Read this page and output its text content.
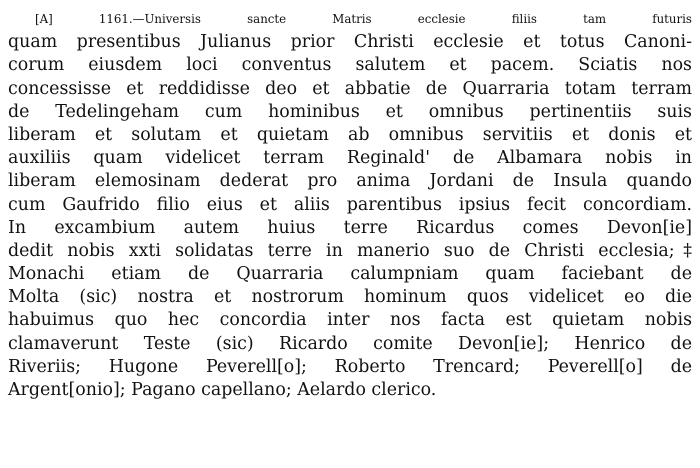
[A] 1161.—Universis sancte Matris ecclesie filiis tam futuris
quam presentibus Julianus prior Christi ecclesie et totus Canoni-
corum eiusdem loci conventus salutem et pacem. Sciatis nos
concessisse et reddidisse deo et abbatie de Quarraria totam terram
de Tedelingeham cum hominibus et omnibus pertinentiis suis
liberam et solutam et quietam ab omnibus servitiis et donis et
auxiliis quam videlicet terram Reginald' de Albamara nobis in
liberam elemosinam dederat pro anima Jordani de Insula quando
cum Gaufrido filio eius et aliis parentibus ipsius fecit concordiam.
In excambium autem huius terre Ricardus comes Devon[ie]
dedit nobis xxti solidatas terre in manerio suo de Christi ecclesia;‡
Monachi etiam de Quarraria calumpniam quam faciebant de
Molta (sic) nostra et nostrorum hominum quos videlicet eo die
habuimus quo hec concordia inter nos facta est quietam nobis
clamaverunt Teste (sic) Ricardo comite Devon[ie]; Henrico de
Riveriis; Hugone Peverell[o]; Roberto Trencard; Peverell[o] de
Argent[onio]; Pagano capellano; Aelardo clerico.
